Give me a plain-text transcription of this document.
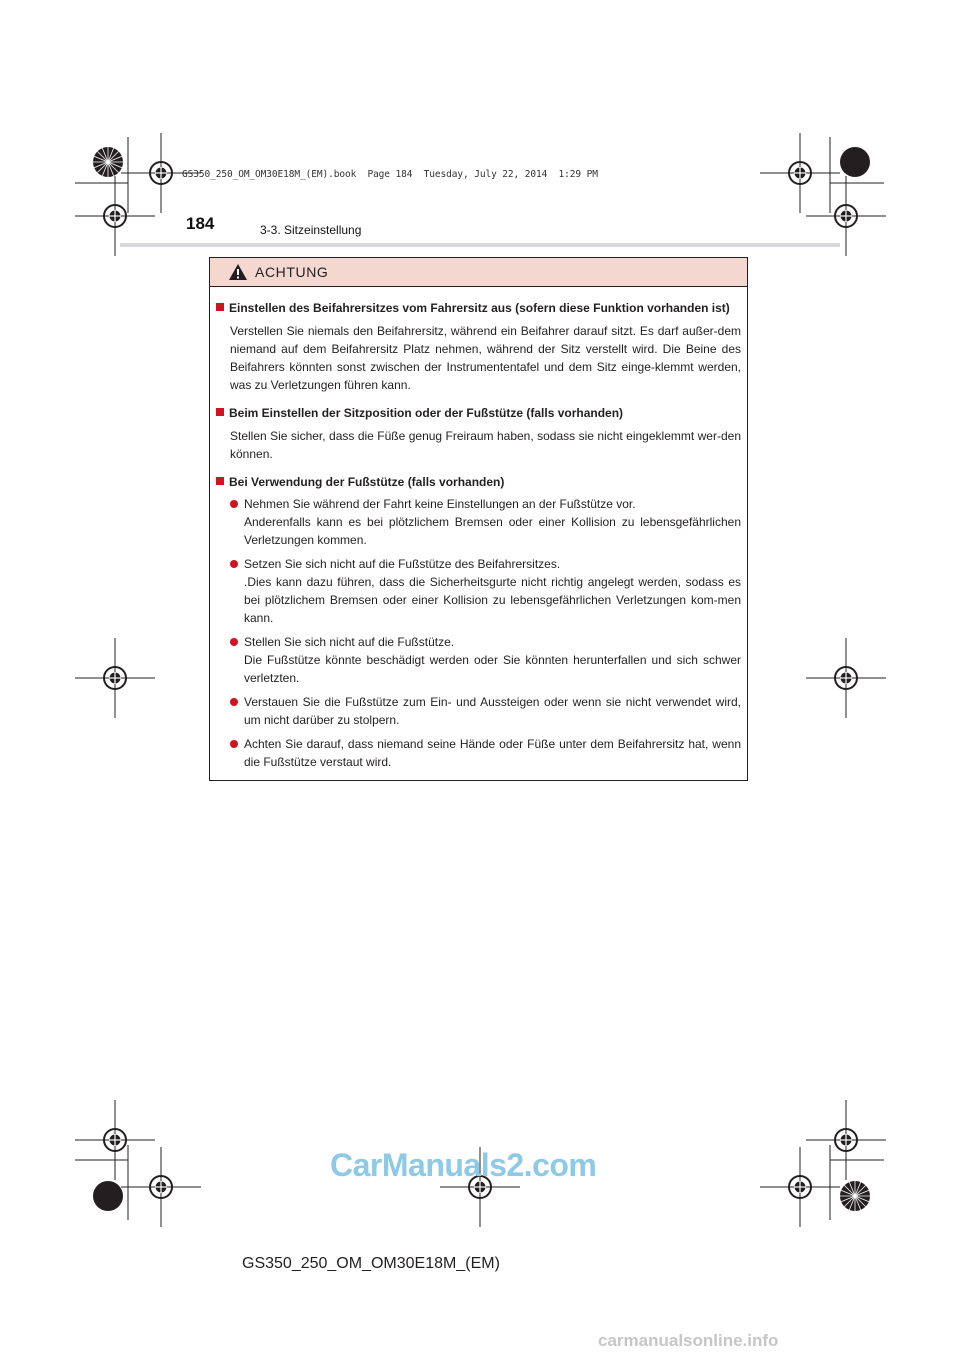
GS350_250_OM_OM30E18M_(EM).book  Page 184  Tuesday, July 22, 2014  1:29 PM
184	3-3. Sitzeinstellung
ACHTUNG
Einstellen des Beifahrersitzes vom Fahrersitz aus (sofern diese Funktion vorhanden ist)
Verstellen Sie niemals den Beifahrersitz, während ein Beifahrer darauf sitzt. Es darf außer-dem niemand auf dem Beifahrersitz Platz nehmen, während der Sitz verstellt wird. Die Beine des Beifahrers könnten sonst zwischen der Instrumententafel und dem Sitz einge-klemmt werden, was zu Verletzungen führen kann.
Beim Einstellen der Sitzposition oder der Fußstütze (falls vorhanden)
Stellen Sie sicher, dass die Füße genug Freiraum haben, sodass sie nicht eingeklemmt wer-den können.
Bei Verwendung der Fußstütze (falls vorhanden)
Nehmen Sie während der Fahrt keine Einstellungen an der Fußstütze vor.
Anderenfalls kann es bei plötzlichem Bremsen oder einer Kollision zu lebensgefährlichen Verletzungen kommen.
Setzen Sie sich nicht auf die Fußstütze des Beifahrersitzes.
.Dies kann dazu führen, dass die Sicherheitsgurte nicht richtig angelegt werden, sodass es bei plötzlichem Bremsen oder einer Kollision zu lebensgefährlichen Verletzungen kom-men kann.
Stellen Sie sich nicht auf die Fußstütze.
Die Fußstütze könnte beschädigt werden oder Sie könnten herunterfallen und sich schwer verletzten.
Verstauen Sie die Fußstütze zum Ein- und Aussteigen oder wenn sie nicht verwendet wird, um nicht darüber zu stolpern.
Achten Sie darauf, dass niemand seine Hände oder Füße unter dem Beifahrersitz hat, wenn die Fußstütze verstaut wird.
CarManuals2.com
GS350_250_OM_OM30E18M_(EM)
carmanualsonline.info
